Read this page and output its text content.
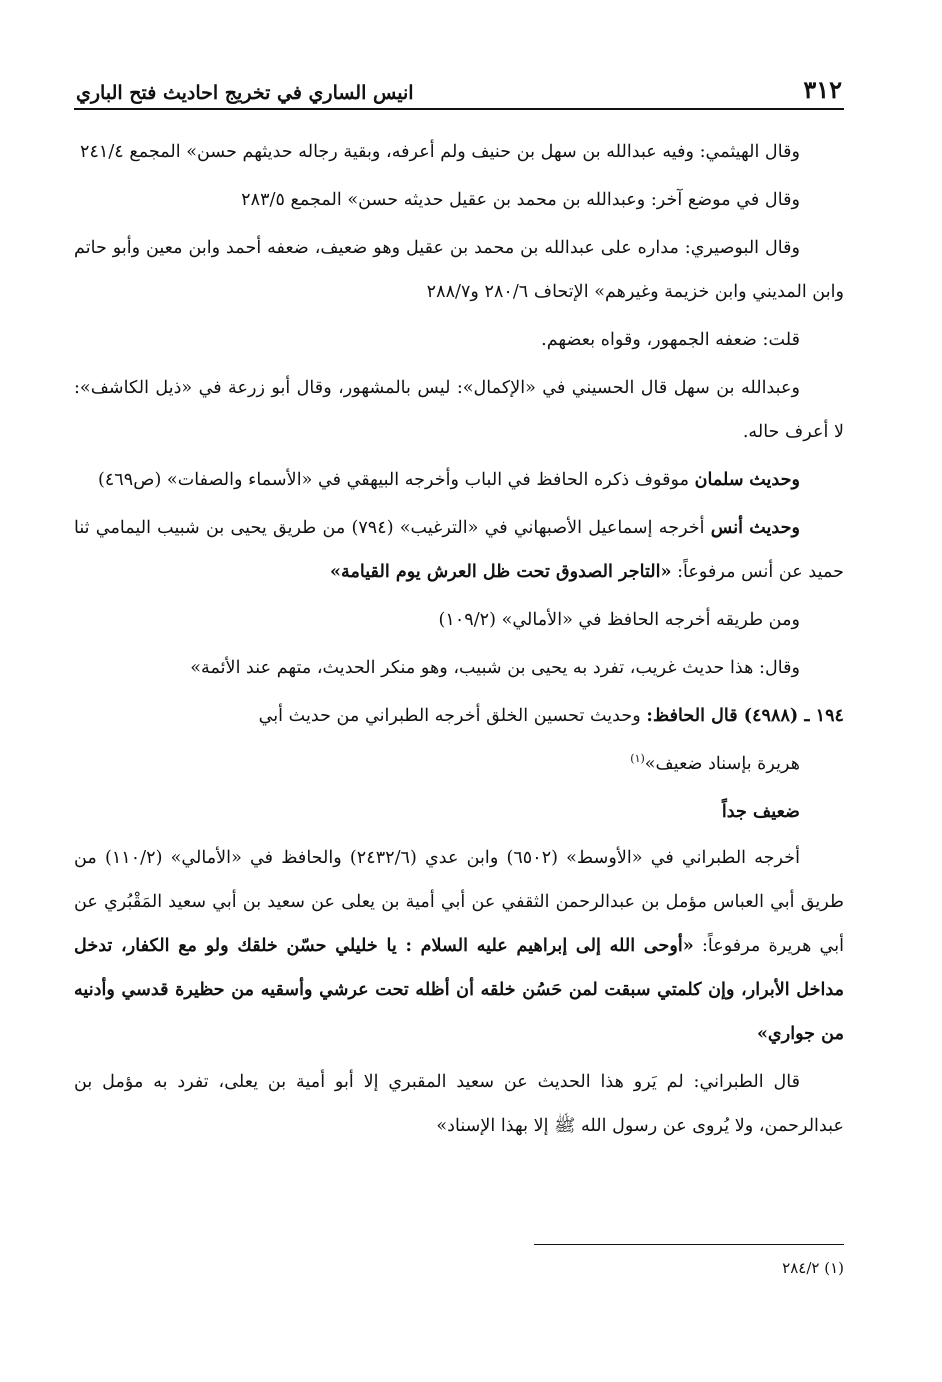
٣١٢
انيس الساري في تخريج احاديث فتح الباري

وقال الهيثمي: وفيه عبدالله بن سهل بن حنيف ولم أعرفه، وبقية رجاله حديثهم حسن» المجمع ٢٤١/٤

وقال في موضع آخر: وعبدالله بن محمد بن عقيل حديثه حسن» المجمع ٢٨٣/٥

وقال البوصيري: مداره على عبدالله بن محمد بن عقيل وهو ضعيف، ضعفه أحمد وابن معين وأبو حاتم وابن المديني وابن خزيمة وغيرهم» الإتحاف ٢٨٠/٦ و٢٨٨/٧

قلت: ضعفه الجمهور، وقواه بعضهم.

وعبدالله بن سهل قال الحسيني في «الإكمال»: ليس بالمشهور، وقال أبو زرعة في «ذيل الكاشف»: لا أعرف حاله.

وحديث سلمان موقوف ذكره الحافظ في الباب وأخرجه البيهقي في «الأسماء والصفات» (ص٤٦٩)

وحديث أنس أخرجه إسماعيل الأصبهاني في «الترغيب» (٧٩٤) من طريق يحيى بن شبيب اليمامي ثنا حميد عن أنس مرفوعاً: «التاجر الصدوق تحت ظل العرش يوم القيامة»

ومن طريقه أخرجه الحافظ في «الأمالي» (١٠٩/٢)

وقال: هذا حديث غريب، تفرد به يحيى بن شبيب، وهو منكر الحديث، متهم عند الأئمة»

١٩٤ ـ (٤٩٨٨) قال الحافظ: وحديث تحسين الخلق أخرجه الطبراني من حديث أبي

هريرة بإسناد ضعيف»$^{(١)}$

ضعيف جداً

أخرجه الطبراني في «الأوسط» (٦٥٠٢) وابن عدي (٢٤٣٢/٦) والحافظ في «الأمالي» (١١٠/٢) من طريق أبي العباس مؤمل بن عبدالرحمن الثقفي عن أبي أمية بن يعلى عن سعيد بن أبي سعيد المَقْبُري عن أبي هريرة مرفوعاً: «أوحى الله إلى إبراهيم عليه السلام : يا خليلي حسّن خلقك ولو مع الكفار، تدخل مداخل الأبرار، وإن كلمتي سبقت لمن حَسُن خلقه أن أظله تحت عرشي وأسقيه من حظيرة قدسي وأدنيه من جواري»

قال الطبراني: لم يَرو هذا الحديث عن سعيد المقبري إلا أبو أمية بن يعلى، تفرد به مؤمل بن عبدالرحمن، ولا يُروى عن رسول الله ﷺ إلا بهذا الإسناد»

(١) ٢٨٤/٢
